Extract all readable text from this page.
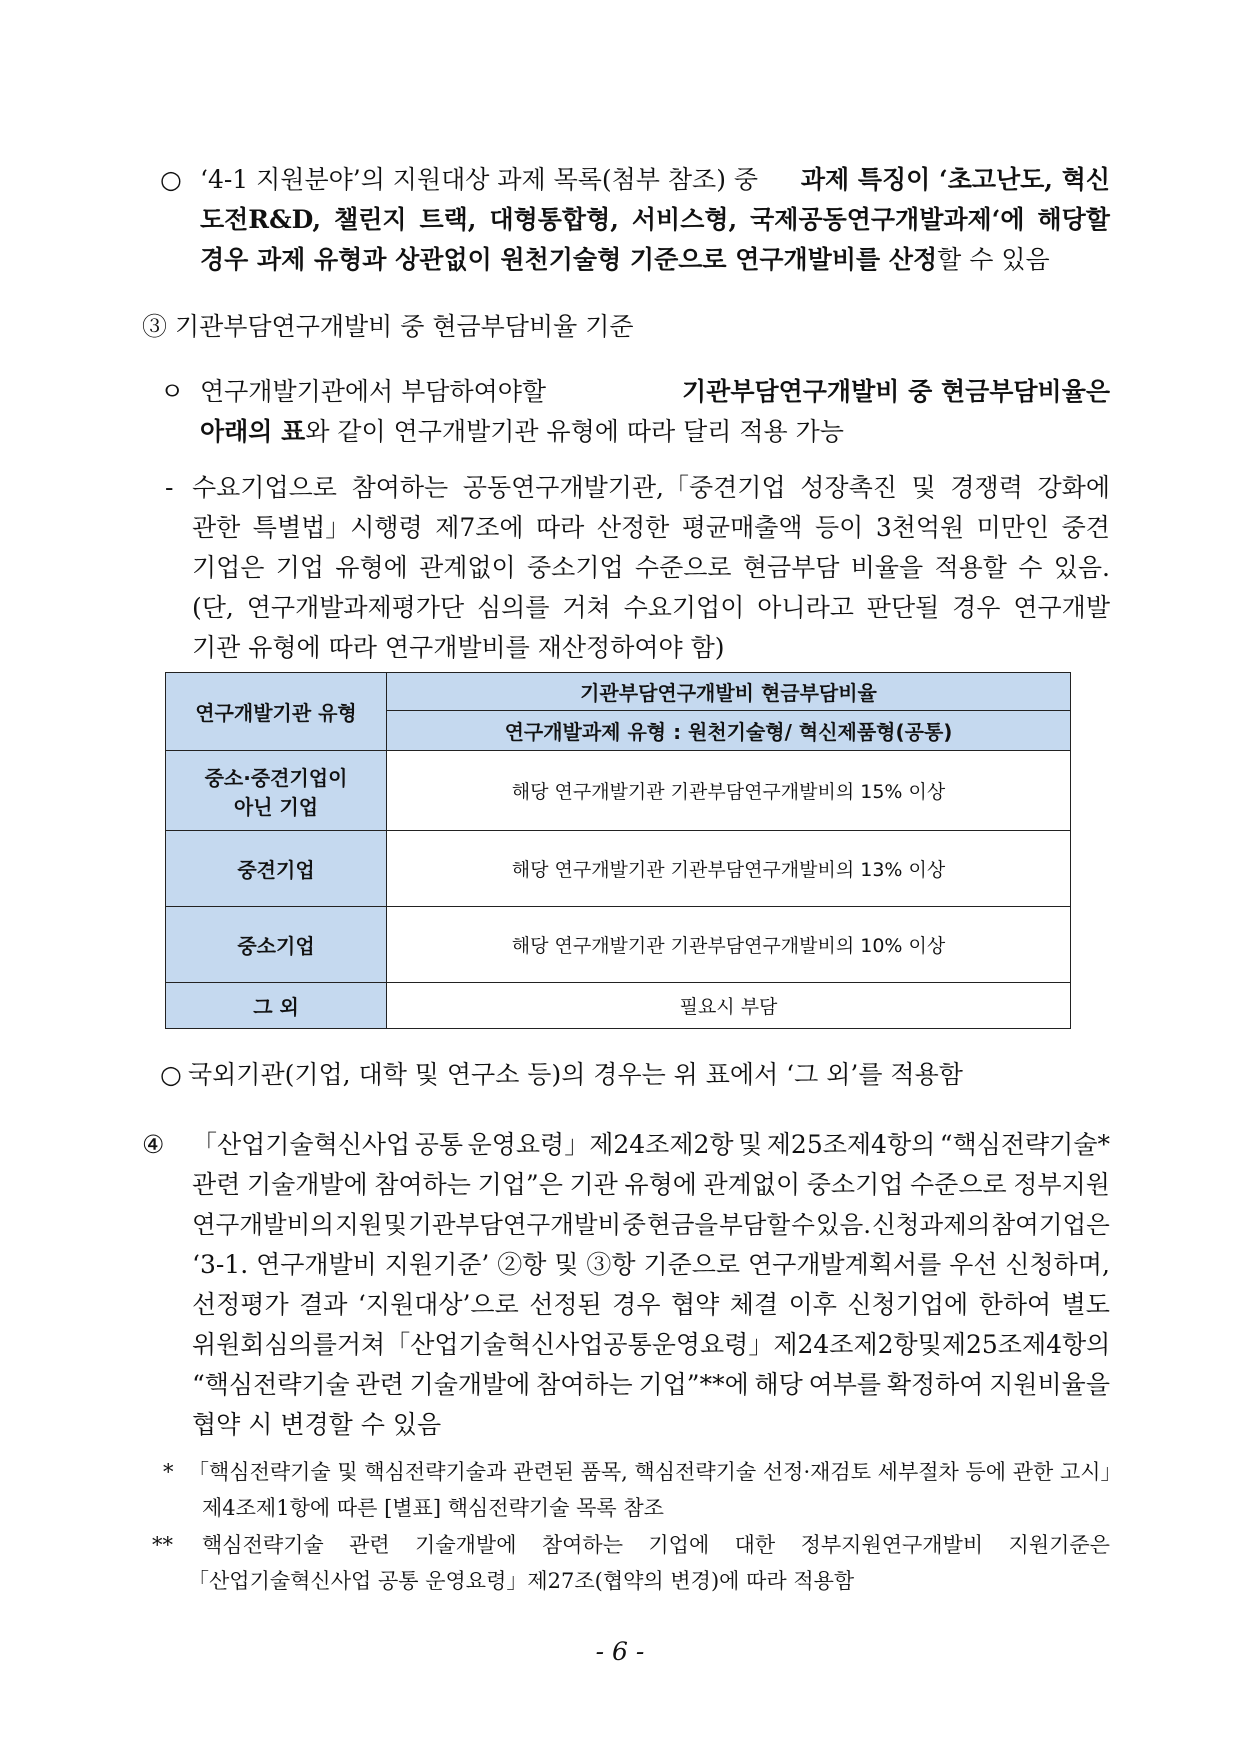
○ ‘4-1 지원분야’의 지원대상 과제 목록(첨부 참조) 중 과제 특징이 ‘초고난도, 혁신
도전R&D, 챌린지 트랙, 대형통합형, 서비스형, 국제공동연구개발과제‘에 해당할
경우 과제 유형과 상관없이 원천기술형 기준으로 연구개발비를 산정할 수 있음
③ 기관부담연구개발비 중 현금부담비율 기준
ㅇ 연구개발기관에서 부담하여야할	기관부담연구개발비 중 현금부담비율은
아래의 표와 같이 연구개발기관 유형에 따라 달리 적용 가능
- 수요기업으로 참여하는 공동연구개발기관,「중견기업 성장촉진 및 경쟁력 강화에
관한 특별법」시행령 제7조에 따라 산정한 평균매출액 등이 3천억원 미만인 중견
기업은 기업 유형에 관계없이 중소기업 수준으로 현금부담 비율을 적용할 수 있음.
(단, 연구개발과제평가단 심의를 거쳐 수요기업이 아니라고 판단될 경우 연구개발
기관 유형에 따라 연구개발비를 재산정하여야 함)
연구개발기관 유형	기관부담연구개발비 현금부담비율
	연구개발과제 유형 : 원천기술형/ 혁신제품형(공통)

중소·중견기업이
아닌 기업	해당 연구개발기관 기관부담연구개발비의 15% 이상
중견기업	해당 연구개발기관 기관부담연구개발비의 13% 이상
중소기업	해당 연구개발기관 기관부담연구개발비의 10% 이상
그 외	필요시 부담
○ 국외기관(기업, 대학 및 연구소 등)의 경우는 위 표에서 ‘그 외’를 적용함
④ 「산업기술혁신사업 공통 운영요령」제24조제2항 및 제25조제4항의 “핵심전략기술*
관련 기술개발에 참여하는 기업”은 기관 유형에 관계없이 중소기업 수준으로 정부지원
연구개발비의 지원 및 기관부담연구개발비 중 현금을 부담할 수 있음. 신청과제의 참여기업은
‘3-1. 연구개발비 지원기준’ ②항 및 ③항 기준으로 연구개발계획서를 우선 신청하며,
선정평가 결과 ‘지원대상’으로 선정된 경우 협약 체결 이후 신청기업에 한하여 별도
위원회 심의를 거쳐 「산업기술혁신사업 공통 운영요령」 제24조제2항 및 제25조제4항의
“핵심전략기술 관련 기술개발에 참여하는 기업”**에 해당 여부를 확정하여 지원비율을
협약 시 변경할 수 있음
* 「핵심전략기술 및 핵심전략기술과 관련된 품목, 핵심전략기술 선정·재검토 세부절차 등에 관한 고시」
제4조제1항에 따른 [별표] 핵심전략기술 목록 참조
** 핵심전략기술 관련 기술개발에 참여하는 기업에 대한 정부지원연구개발비 지원기준은
「산업기술혁신사업 공통 운영요령」제27조(협약의 변경)에 따라 적용함
- 6 -
